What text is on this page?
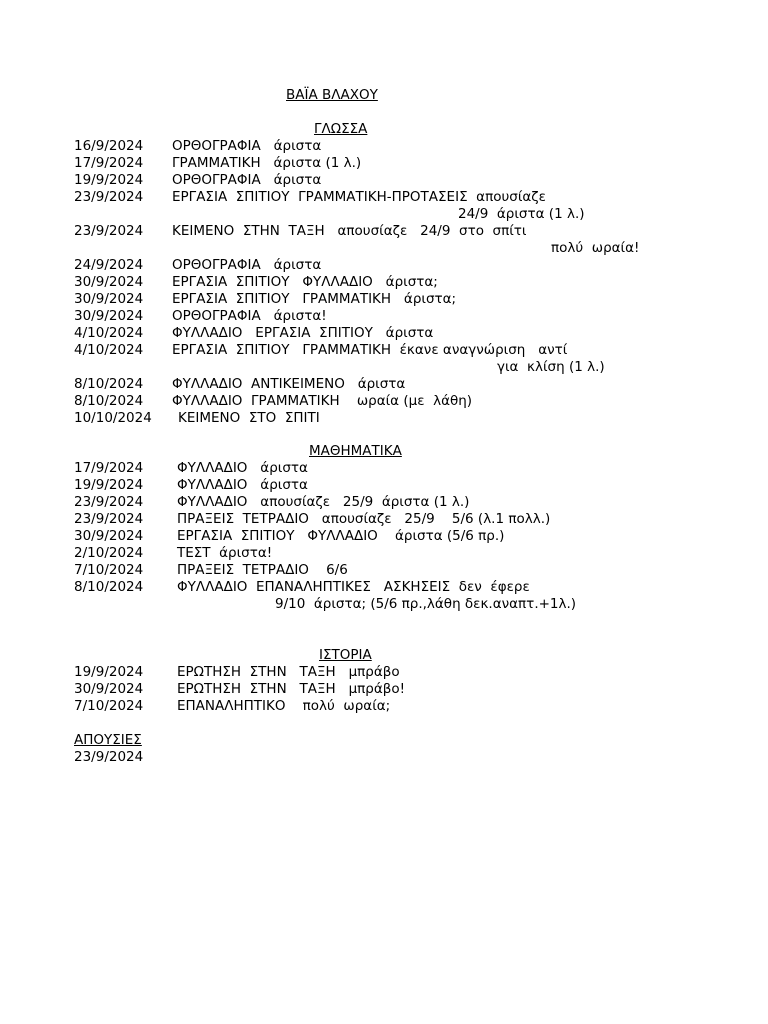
ΒΑΪΑ ΒΛΑΧΟΥ
ΓΛΩΣΣΑ
16/9/2024 ΟΡΘΟΓΡΑΦΙΑ   άριστα
17/9/2024 ΓΡΑΜΜΑΤΙΚΗ   άριστα (1 λ.)
19/9/2024 ΟΡΘΟΓΡΑΦΙΑ   άριστα
23/9/2024 ΕΡΓΑΣΙΑ  ΣΠΙΤΙΟΥ  ΓΡΑΜΜΑΤΙΚΗ-ΠΡΟΤΑΣΕΙΣ  απουσίαζε
24/9  άριστα (1 λ.)
23/9/2024 ΚΕΙΜΕΝΟ  ΣΤΗΝ  ΤΑΞΗ   απουσίαζε   24/9  στο  σπίτι
πολύ  ωραία!
24/9/2024 ΟΡΘΟΓΡΑΦΙΑ   άριστα
30/9/2024 ΕΡΓΑΣΙΑ  ΣΠΙΤΙΟΥ   ΦΥΛΛΑΔΙΟ   άριστα;
30/9/2024 ΕΡΓΑΣΙΑ  ΣΠΙΤΙΟΥ   ΓΡΑΜΜΑΤΙΚΗ   άριστα;
30/9/2024 ΟΡΘΟΓΡΑΦΙΑ   άριστα!
4/10/2024 ΦΥΛΛΑΔΙΟ   ΕΡΓΑΣΙΑ  ΣΠΙΤΙΟΥ   άριστα
4/10/2024 ΕΡΓΑΣΙΑ  ΣΠΙΤΙΟΥ   ΓΡΑΜΜΑΤΙΚΗ  έκανε αναγνώριση   αντί
για  κλίση (1 λ.)
8/10/2024 ΦΥΛΛΑΔΙΟ  ΑΝΤΙΚΕΙΜΕΝΟ   άριστα
8/10/2024 ΦΥΛΛΑΔΙΟ  ΓΡΑΜΜΑΤΙΚΗ    ωραία (με  λάθη)
10/10/2024 ΚΕΙΜΕΝΟ  ΣΤΟ  ΣΠΙΤΙ
ΜΑΘΗΜΑΤΙΚΑ
17/9/2024	ΦΥΛΛΑΔΙΟ   άριστα
19/9/2024	ΦΥΛΛΑΔΙΟ   άριστα
23/9/2024	ΦΥΛΛΑΔΙΟ   απουσίαζε   25/9  άριστα (1 λ.)
23/9/2024	ΠΡΑΞΕΙΣ  ΤΕΤΡΑΔΙΟ   απουσίαζε   25/9    5/6 (λ.1 πολλ.)
30/9/2024	ΕΡΓΑΣΙΑ  ΣΠΙΤΙΟΥ   ΦΥΛΛΑΔΙΟ    άριστα (5/6 πρ.)
2/10/2024	ΤΕΣΤ  άριστα!
7/10/2024	ΠΡΑΞΕΙΣ  ΤΕΤΡΑΔΙΟ    6/6
8/10/2024	ΦΥΛΛΑΔΙΟ  ΕΠΑΝΑΛΗΠΤΙΚΕΣ   ΑΣΚΗΣΕΙΣ  δεν  έφερε
9/10  άριστα; (5/6 πρ.,λάθη δεκ.αναπτ.+1λ.)
ΙΣΤΟΡΙΑ
19/9/2024	ΕΡΩΤΗΣΗ  ΣΤΗΝ   ΤΑΞΗ   μπράβο
30/9/2024	ΕΡΩΤΗΣΗ  ΣΤΗΝ   ΤΑΞΗ   μπράβο!
7/10/2024	ΕΠΑΝΑΛΗΠΤΙΚΟ    πολύ  ωραία;
ΑΠΟΥΣΙΕΣ
23/9/2024
